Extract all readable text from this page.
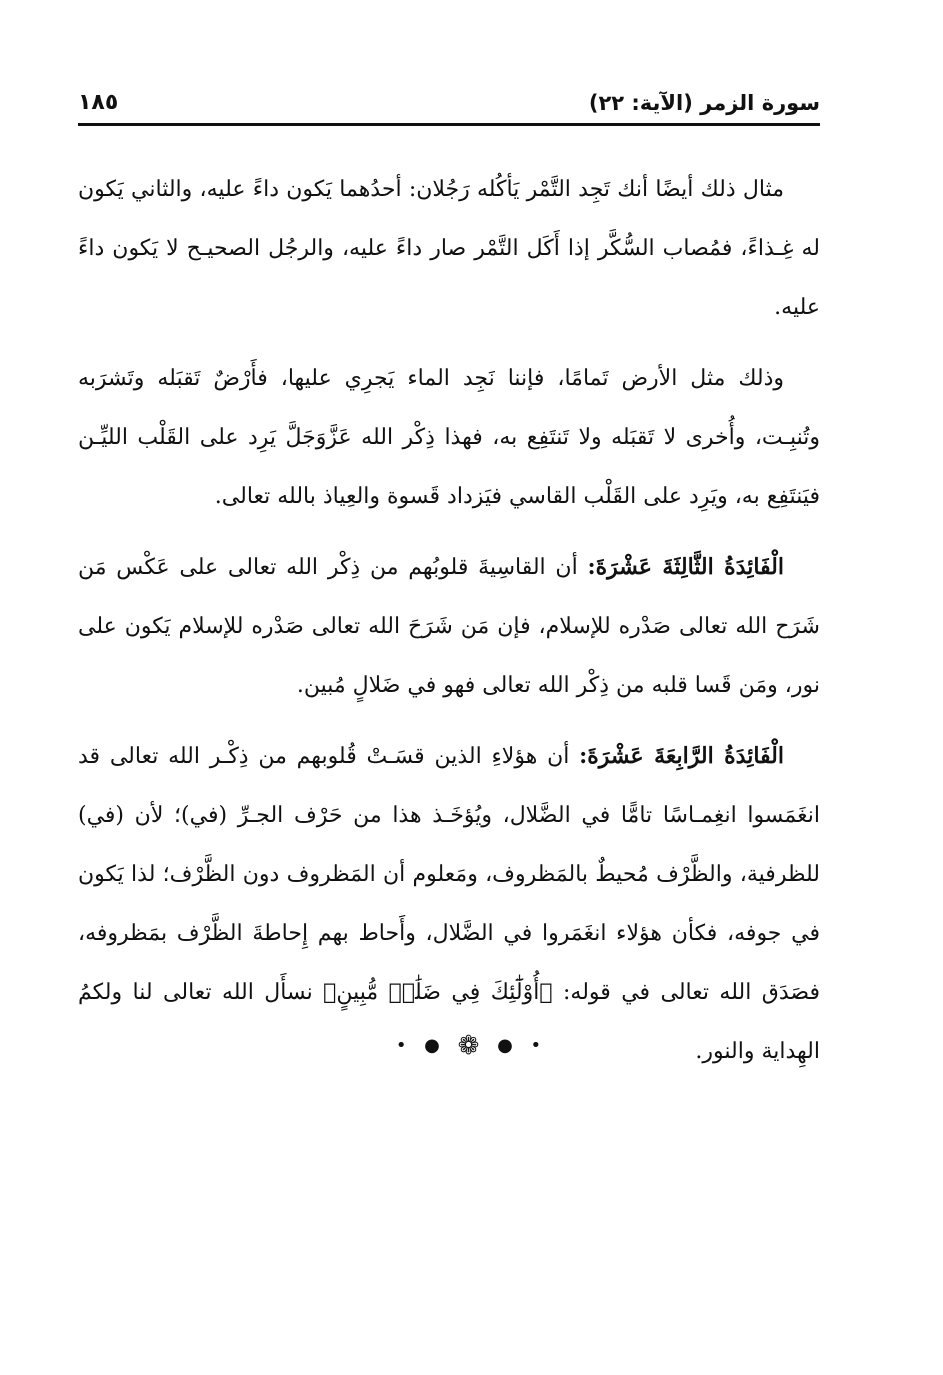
سورة الزمر (الآية: ٢٢)
١٨٥

مثال ذلك أيضًا أنك تَجِد التَّمْر يَأكُله رَجُلان: أحدُهما يَكون داءً عليه، والثاني يَكون له غِـذاءً، فمُصاب السُّكَّر إذا أَكَل التَّمْر صار داءً عليه، والرجُل الصحيـح لا يَكون داءً عليه.

وذلك مثل الأرض تَمامًا، فإننا نَجِد الماء يَجرِي عليها، فأَرْضٌ تَقبَله وتَشرَبه وتُنبِـت، وأُخرى لا تَقبَله ولا تَنتَفِع به، فهذا ذِكْر الله عَزَّوَجَلَّ يَرِد على القَلْب الليِّـن فيَنتَفِع به، ويَرِد على القَلْب القاسي فيَزداد قَسوة والعِياذ بالله تعالى.

الْفَائِدَةُ الثَّالِثَةَ عَشْرَةَ: أن القاسِيةَ قلوبُهم من ذِكْر الله تعالى على عَكْس مَن شَرَح الله تعالى صَدْره للإسلام، فإن مَن شَرَحَ الله تعالى صَدْره للإسلام يَكون على نور، ومَن قَسا قلبه من ذِكْر الله تعالى فهو في ضَلالٍ مُبين.

الْفَائِدَةُ الرَّابِعَةَ عَشْرَةَ: أن هؤلاءِ الذين قسَـتْ قُلوبهم من ذِكْـر الله تعالى قد انغَمَسوا انغِمـاسًا تامًّا في الضَّلال، ويُؤخَـذ هذا من حَرْف الجـرِّ (في)؛ لأن (في) للظرفية، والظَّرْف مُحيطٌ بالمَظروف، ومَعلوم أن المَظروف دون الظَّرْف؛ لذا يَكون في جوفه، فكأن هؤلاء انغَمَروا في الضَّلال، وأَحاط بهم إِحاطةَ الظَّرْف بمَظروفه، فصَدَق الله تعالى في قوله: ﴿أُوْلَٰٓئِكَ فِي ضَلَٰلٖ مُّبِينٍ﴾ نسأَل الله تعالى لنا ولكمُ الهِداية والنور.

• ● ❁ ● •
